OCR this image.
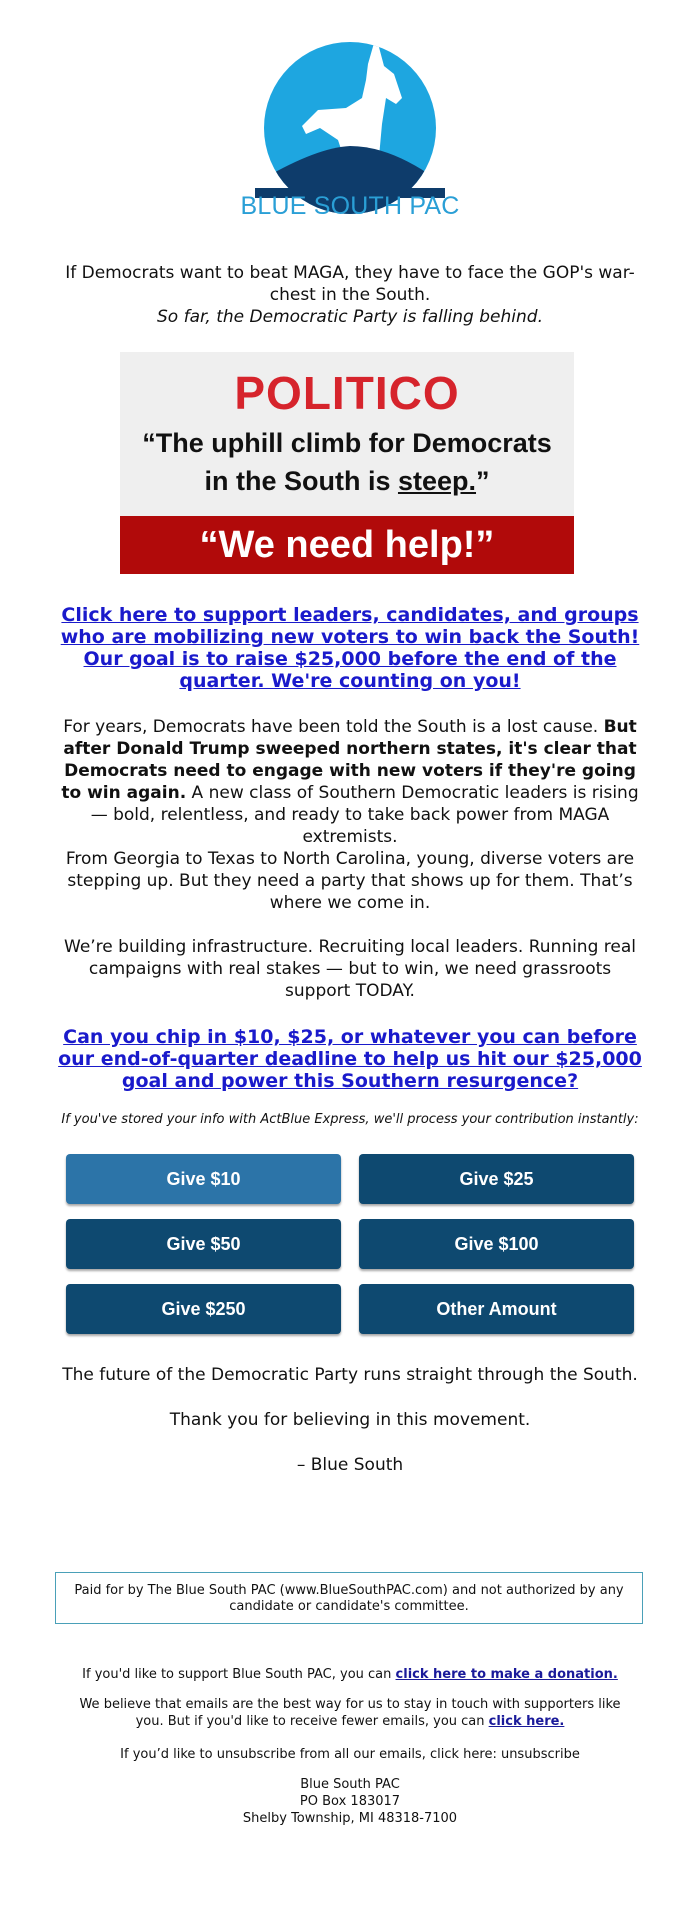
BLUE SOUTH PAC
If Democrats want to beat MAGA, they have to face the GOP's war-chest in the South.
So far, the Democratic Party is falling behind.
POLITICO
“The uphill climb for Democrats
in the South is steep.”
“We need help!”
Click here to support leaders, candidates, and groups who are mobilizing new voters to win back the South! Our goal is to raise $25,000 before the end of the quarter. We're counting on you!
For years, Democrats have been told the South is a lost cause. But after Donald Trump sweeped northern states, it's clear that Democrats need to engage with new voters if they're going to win again. A new class of Southern Democratic leaders is rising — bold, relentless, and ready to take back power from MAGA extremists.
From Georgia to Texas to North Carolina, young, diverse voters are stepping up. But they need a party that shows up for them. That’s where we come in.
We’re building infrastructure. Recruiting local leaders. Running real campaigns with real stakes — but to win, we need grassroots support TODAY.
Can you chip in $10, $25, or whatever you can before our end-of-quarter deadline to help us hit our $25,000 goal and power this Southern resurgence?
If you've stored your info with ActBlue Express, we'll process your contribution instantly:
Give $10	Give $25
Give $50	Give $100
Give $250	Other Amount
The future of the Democratic Party runs straight through the South.
Thank you for believing in this movement.
– Blue South
Paid for by The Blue South PAC (www.BlueSouthPAC.com) and not authorized by any candidate or candidate's committee.
If you'd like to support Blue South PAC, you can click here to make a donation.
We believe that emails are the best way for us to stay in touch with supporters like you. But if you'd like to receive fewer emails, you can click here.
If you’d like to unsubscribe from all our emails, click here: unsubscribe
Blue South PAC
PO Box 183017
Shelby Township, MI 48318-7100
